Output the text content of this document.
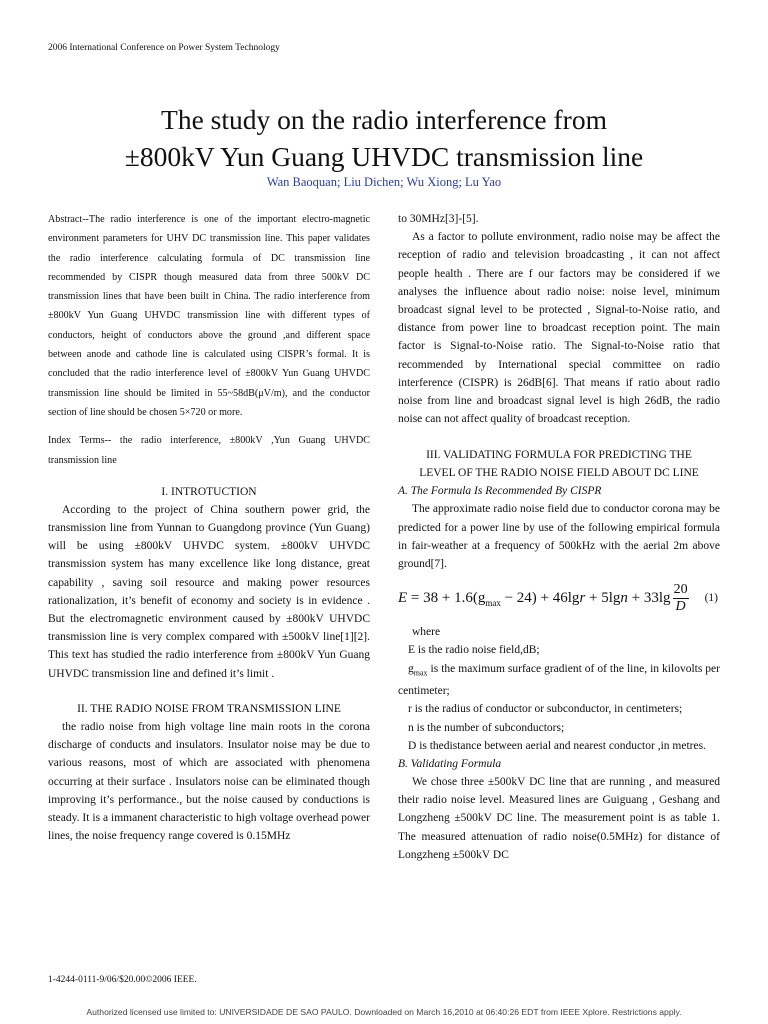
2006 International Conference on Power System Technology
The study on the radio interference from
±800kV Yun Guang UHVDC transmission line
Wan Baoquan; Liu Dichen; Wu Xiong; Lu Yao

Abstract--The radio interference is one of the important electro-magnetic environment parameters for UHV DC transmission line. This paper validates the radio interference calculating formula of DC transmission line recommended by CISPR though measured data from three 500kV DC transmission lines that have been built in China. The radio interference from ±800kV Yun Guang UHVDC transmission line with different types of conductors, height of conductors above the ground ,and different space between anode and cathode line is calculated using CISPR’s formal. It is concluded that the radio interference level of ±800kV Yun Guang UHVDC transmission line should be limited in 55~58dB(μV/m), and the conductor section of line should be chosen 5×720 or more.

Index Terms-- the radio interference, ±800kV ,Yun Guang UHVDC transmission line

I. INTROTUCTION

According to the project of China southern power grid, the transmission line from Yunnan to Guangdong province (Yun Guang) will be using ±800kV UHVDC system. ±800kV UHVDC transmission system has many excellence like long distance, great capability , saving soil resource and making power resources rationalization, it’s benefit of economy and society is in evidence . But the electromagnetic environment caused by ±800kV UHVDC transmission line is very complex compared with ±500kV line[1][2]. This text has studied the radio interference from ±800kV Yun Guang UHVDC transmission line and defined it’s limit .

II. THE RADIO NOISE FROM TRANSMISSION LINE

the radio noise from high voltage line main roots in the corona discharge of conducts and insulators. Insulator noise may be due to various reasons, most of which are associated with phenomena occurring at their surface . Insulators noise can be eliminated though improving it’s performance., but the noise caused by conductions is steady. It is a immanent characteristic to high voltage overhead power lines, the noise frequency range covered is 0.15MHz

to 30MHz[3]-[5].

As a factor to pollute environment, radio noise may be affect the reception of radio and television broadcasting , it can not affect people health . There are f our factors may be considered if we analyses the influence about radio noise: noise level, minimum broadcast signal level to be protected , Signal-to-Noise ratio, and distance from power line to broadcast reception point. The main factor is Signal-to-Noise ratio. The Signal-to-Noise ratio that recommended by International special committee on radio interference (CISPR) is 26dB[6]. That means if ratio about radio noise from line and broadcast signal level is high 26dB, the radio noise can not affect quality of broadcast reception.

III. VALIDATING FORMULA FOR PREDICTING THE
LEVEL OF THE RADIO NOISE FIELD ABOUT DC LINE

A. The Formula Is Recommended By CISPR

The approximate radio noise field due to conductor corona may be predicted for a power line by use of the following empirical formula in fair-weather at a frequency of 500kHz with the aerial 2m above ground[7].

$E = 38 + 1.6(g_{max} - 24) + 46\lg r + 5\lg n + 33\lg \frac{20}{D} (1)$

where

E is the radio noise field,dB;

$g_{max}$ is the maximum surface gradient of of the line, in kilovolts per centimeter;

r is the radius of conductor or subconductor, in centimeters;

n is the number of subconductors;

D is thedistance between aerial and nearest conductor ,in metres.

B. Validating Formula

We chose three ±500kV DC line that are running , and measured their radio noise level. Measured lines are Guiguang , Geshang and Longzheng ±500kV DC line. The measurement point is as table 1. The measured attenuation of radio noise(0.5MHz) for distance of Longzheng ±500kV DC

1-4244-0111-9/06/$20.00©2006 IEEE.
Authorized licensed use limited to: UNIVERSIDADE DE SAO PAULO. Downloaded on March 16,2010 at 06:40:26 EDT from IEEE Xplore. Restrictions apply.
